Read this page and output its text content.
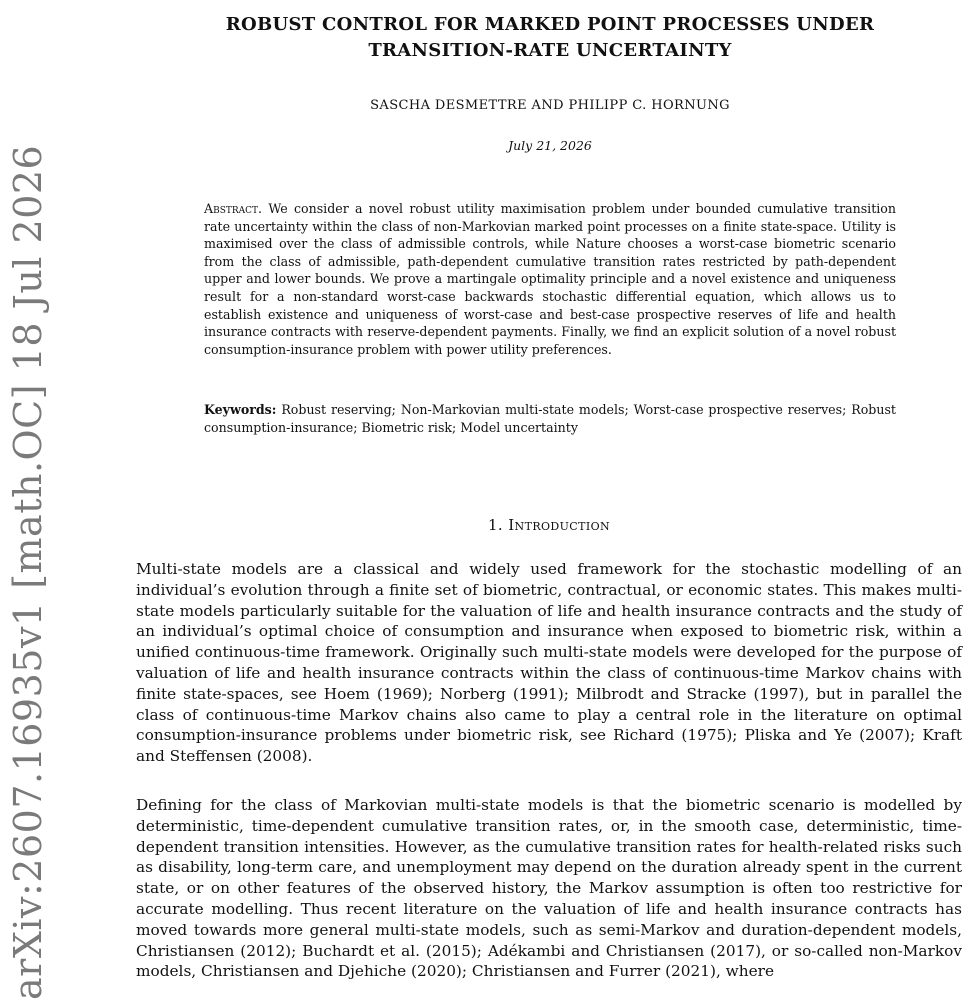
arXiv:2607.16935v1 [math.OC] 18 Jul 2026
ROBUST CONTROL FOR MARKED POINT PROCESSES UNDER
TRANSITION-RATE UNCERTAINTY
SASCHA DESMETTRE AND PHILIPP C. HORNUNG
July 21, 2026
Abstract. We consider a novel robust utility maximisation problem under bounded cumulative transition rate uncertainty within the class of non-Markovian marked point processes on a finite state-space. Utility is maximised over the class of admissible controls, while Nature chooses a worst-case biometric scenario from the class of admissible, path-dependent cumulative transition rates restricted by path-dependent upper and lower bounds. We prove a martingale optimality principle and a novel existence and uniqueness result for a non-standard worst-case backwards stochastic differential equation, which allows us to establish existence and uniqueness of worst-case and best-case prospective reserves of life and health insurance contracts with reserve-dependent payments. Finally, we find an explicit solution of a novel robust consumption-insurance problem with power utility preferences.
Keywords: Robust reserving; Non-Markovian multi-state models; Worst-case prospective reserves; Robust consumption-insurance; Biometric risk; Model uncertainty
1. Introduction
Multi-state models are a classical and widely used framework for the stochastic modelling of an individual’s evolution through a finite set of biometric, contractual, or economic states. This makes multi-state models particularly suitable for the valuation of life and health insurance contracts and the study of an individual’s optimal choice of consumption and insurance when exposed to biometric risk, within a unified continuous-time framework. Originally such multi-state models were developed for the purpose of valuation of life and health insurance contracts within the class of continuous-time Markov chains with finite state-spaces, see Hoem (1969); Norberg (1991); Milbrodt and Stracke (1997), but in parallel the class of continuous-time Markov chains also came to play a central role in the literature on optimal consumption-insurance problems under biometric risk, see Richard (1975); Pliska and Ye (2007); Kraft and Steffensen (2008).
Defining for the class of Markovian multi-state models is that the biometric scenario is modelled by deterministic, time-dependent cumulative transition rates, or, in the smooth case, deterministic, time-dependent transition intensities. However, as the cumulative transition rates for health-related risks such as disability, long-term care, and unemployment may depend on the duration already spent in the current state, or on other features of the observed history, the Markov assumption is often too restrictive for accurate modelling. Thus recent literature on the valuation of life and health insurance contracts has moved towards more general multi-state models, such as semi-Markov and duration-dependent models, Christiansen (2012); Buchardt et al. (2015); Adékambi and Christiansen (2017), or so-called non-Markov models, Christiansen and Djehiche (2020); Christiansen and Furrer (2021), where
